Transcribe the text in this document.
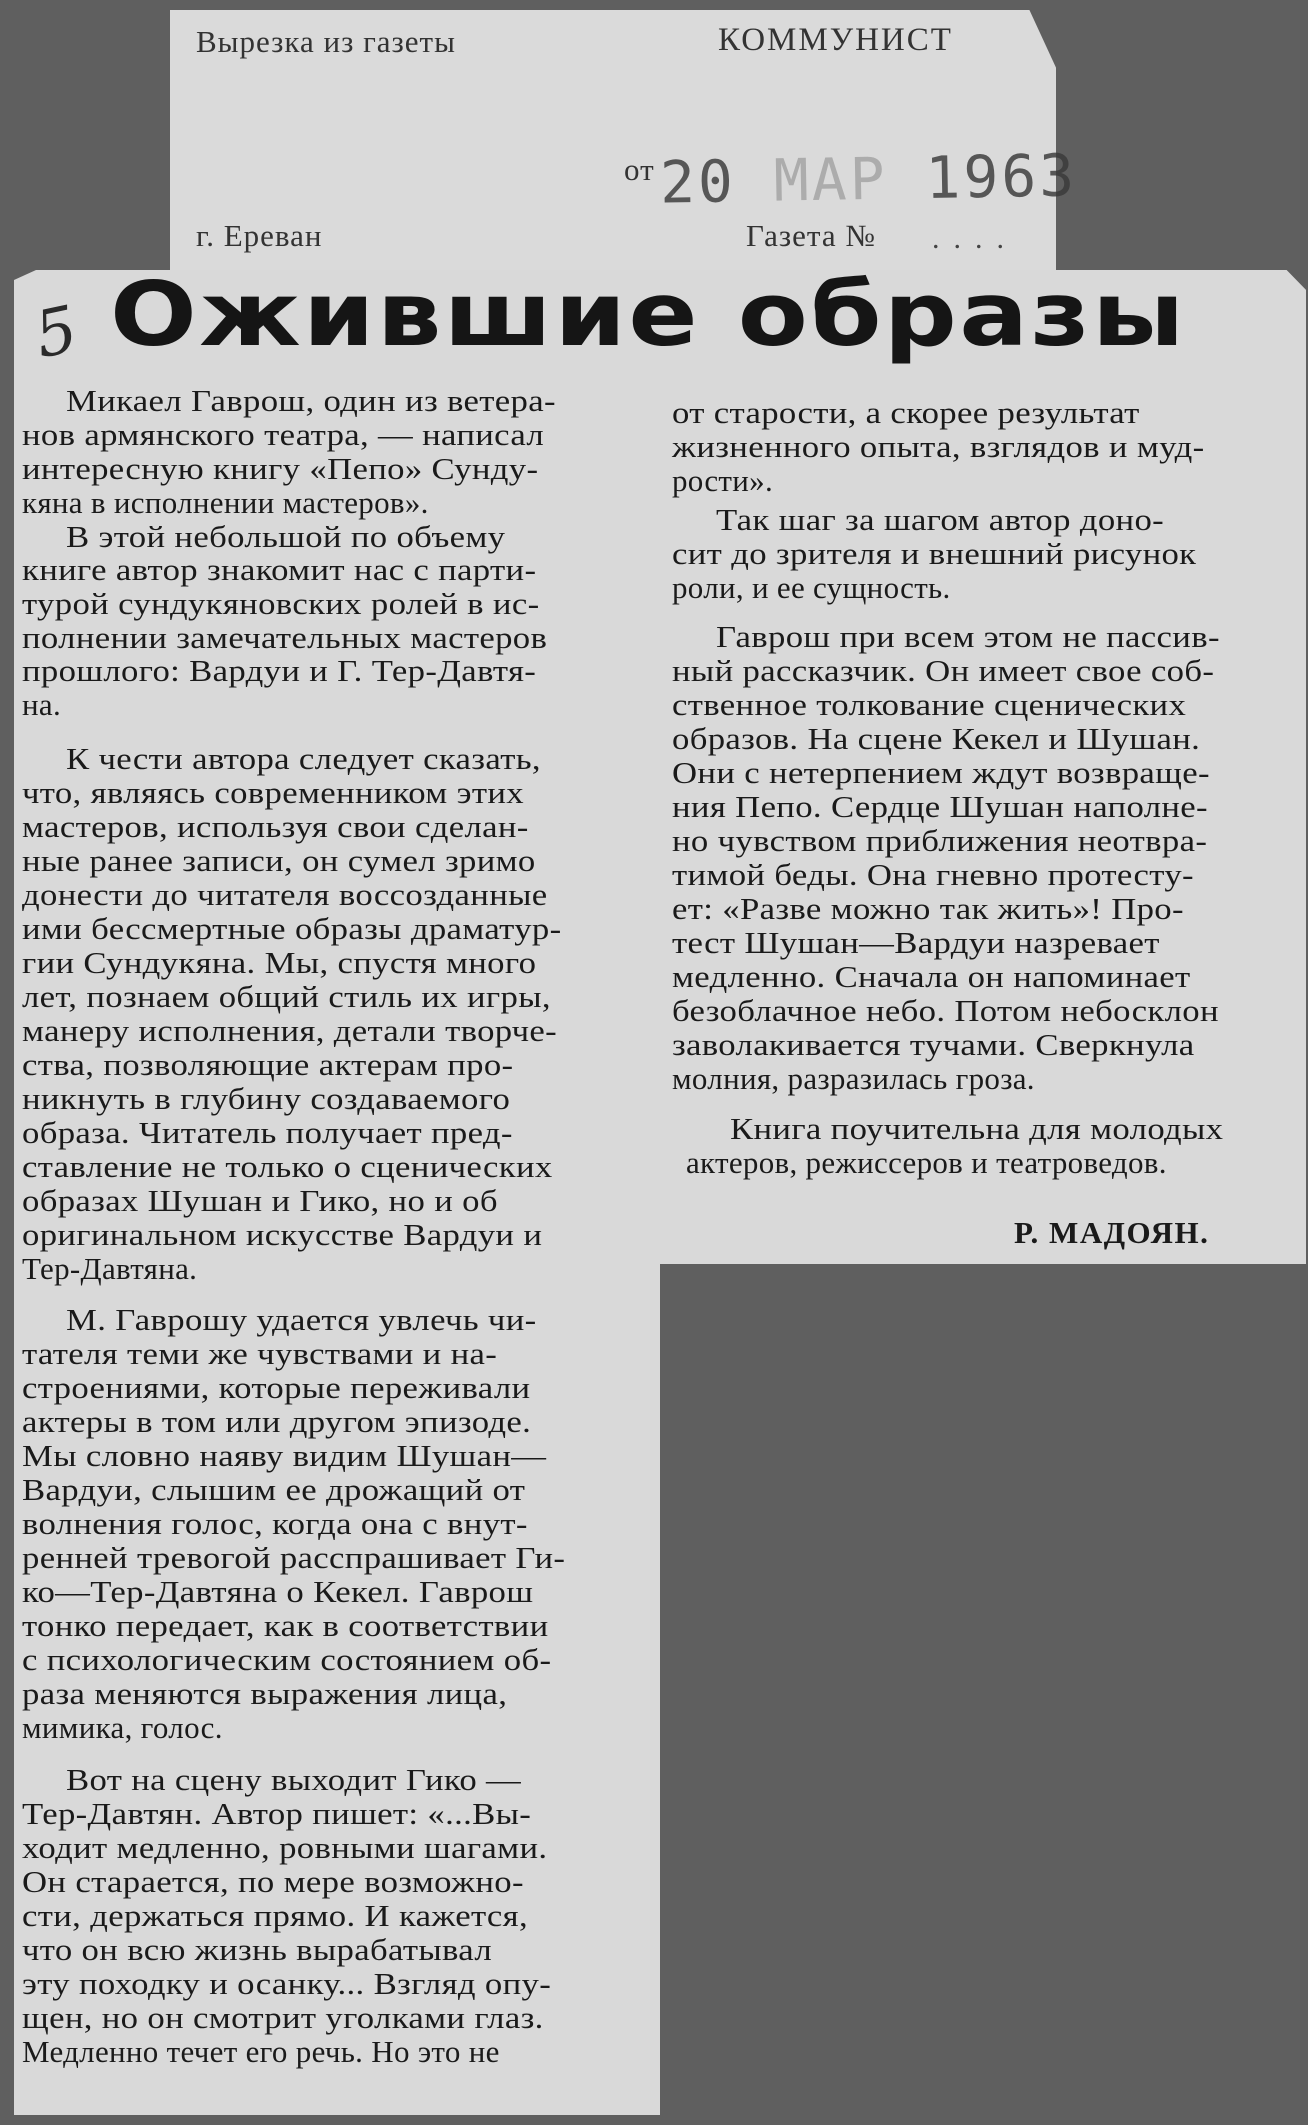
Вырезка из газеты	КОММУНИСТ
г. Ереван
от 20 МАР 1963
Газета № ....
Ожившие образы
5
Микаел Гаврош, один из ветера-
нов армянского театра, — написал
интересную книгу «Пепо» Сунду-
кяна в исполнении мастеров».
В этой небольшой по объему
книге автор знакомит нас с парти-
турой сундукяновских ролей в ис-
полнении замечательных мастеров
прошлого: Вардуи и Г. Тер-Давтя-
на.
К чести автора следует сказать,
что, являясь современником этих
мастеров, используя свои сделан-
ные ранее записи, он сумел зримо
донести до читателя воссозданные
ими бессмертные образы драматур-
гии Сундукяна. Мы, спустя много
лет, познаем общий стиль их игры,
манеру исполнения, детали творче-
ства, позволяющие актерам про-
никнуть в глубину создаваемого
образа. Читатель получает пред-
ставление не только о сценических
образах Шушан и Гико, но и об
оригинальном искусстве Вардуи и
Тер-Давтяна.
М. Гаврошу удается увлечь чи-
тателя теми же чувствами и на-
строениями, которые переживали
актеры в том или другом эпизоде.
Мы словно наяву видим Шушан—
Вардуи, слышим ее дрожащий от
волнения голос, когда она с внут-
ренней тревогой расспрашивает Ги-
ко—Тер-Давтяна о Кекел. Гаврош
тонко передает, как в соответствии
с психологическим состоянием об-
раза меняются выражения лица,
мимика, голос.
Вот на сцену выходит Гико —
Тер-Давтян. Автор пишет: «...Вы-
ходит медленно, ровными шагами.
Он старается, по мере возможно-
сти, держаться прямо. И кажется,
что он всю жизнь вырабатывал
эту походку и осанку... Взгляд опу-
щен, но он смотрит уголками глаз.
Медленно течет его речь. Но это не
от старости, а скорее результат
жизненного опыта, взглядов и муд-
рости».
Так шаг за шагом автор доно-
сит до зрителя и внешний рисунок
роли, и ее сущность.
Гаврош при всем этом не пассив-
ный рассказчик. Он имеет свое соб-
ственное толкование сценических
образов. На сцене Кекел и Шушан.
Они с нетерпением ждут возвраще-
ния Пепо. Сердце Шушан наполне-
но чувством приближения неотвра-
тимой беды. Она гневно протесту-
ет: «Разве можно так жить»! Про-
тест Шушан—Вардуи назревает
медленно. Сначала он напоминает
безоблачное небо. Потом небосклон
заволакивается тучами. Сверкнула
молния, разразилась гроза.
Книга поучительна для молодых
актеров, режиссеров и театроведов.
Р. МАДОЯН.
